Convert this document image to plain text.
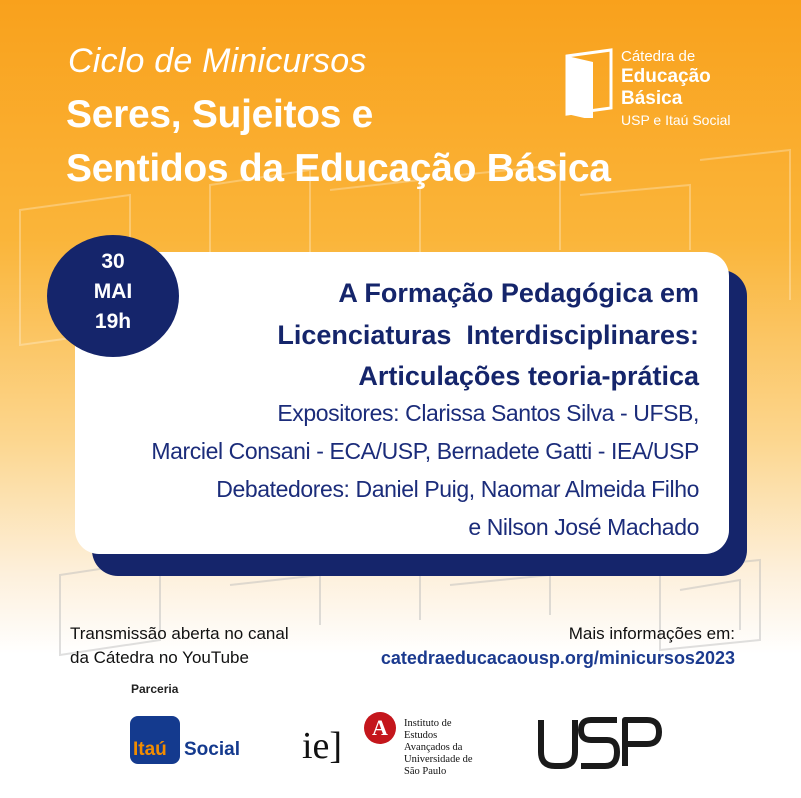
Ciclo de Minicursos
Seres, Sujeitos e
Sentidos da Educação Básica
Cátedra de
Educação
Básica
USP e Itaú Social
30
MAI
19h
A Formação Pedagógica em
Licenciaturas  Interdisciplinares:
Articulações teoria-prática
Expositores: Clarissa Santos Silva - UFSB,
Marciel Consani - ECA/USP, Bernadete Gatti - IEA/USP
Debatedores: Daniel Puig, Naomar Almeida Filho
e Nilson José Machado
Transmissão aberta no canal
da Cátedra no YouTube
Mais informações em:
catedraeducacaousp.org/minicursos2023
Parceria
Itaú Social ie]	A	Instituto de
Estudos
Avançados da
Universidade de
São Paulo
